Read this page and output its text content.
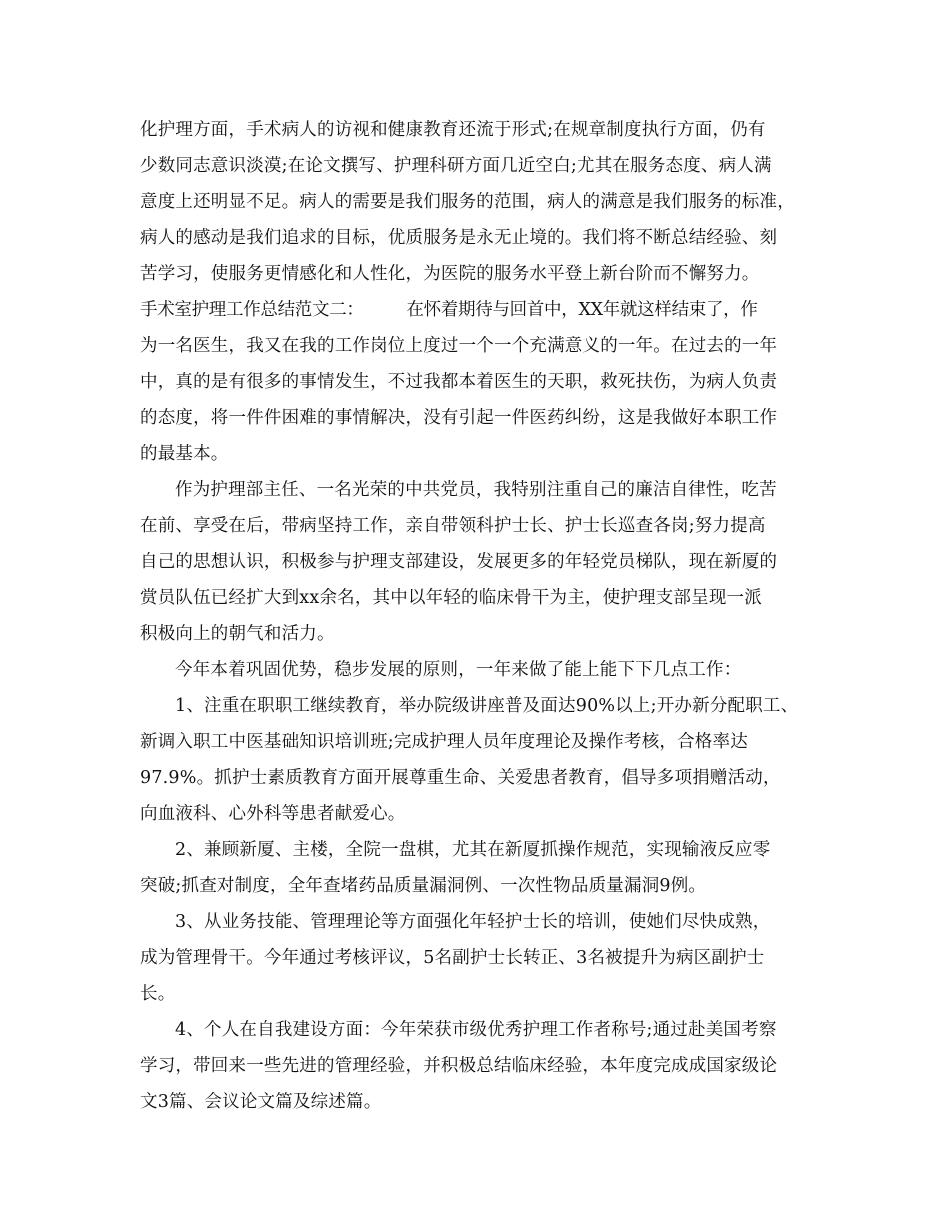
化护理方面，手术病人的访视和健康教育还流于形式;在规章制度执行方面，仍有
少数同志意识淡漠;在论文撰写、护理科研方面几近空白;尤其在服务态度、病人满
意度上还明显不足。病人的需要是我们服务的范围，病人的满意是我们服务的标准，
病人的感动是我们追求的目标，优质服务是永无止境的。我们将不断总结经验、刻
苦学习，使服务更情感化和人性化，为医院的服务水平登上新台阶而不懈努力。
手术室护理工作总结范文二：　　　在怀着期待与回首中，XX年就这样结束了，作
为一名医生，我又在我的工作岗位上度过一个一个充满意义的一年。在过去的一年
中，真的是有很多的事情发生，不过我都本着医生的天职，救死扶伤，为病人负责
的态度，将一件件困难的事情解决，没有引起一件医药纠纷，这是我做好本职工作
的最基本。
作为护理部主任、一名光荣的中共党员，我特别注重自己的廉洁自律性，吃苦
在前、享受在后，带病坚持工作，亲自带领科护士长、护士长巡查各岗;努力提高
自己的思想认识，积极参与护理支部建设，发展更多的年轻党员梯队，现在新厦的
赏员队伍已经扩大到xx余名，其中以年轻的临床骨干为主，使护理支部呈现一派
积极向上的朝气和活力。
今年本着巩固优势，稳步发展的原则，一年来做了能上能下下几点工作：
1、注重在职职工继续教育，举办院级讲座普及面达90%以上;开办新分配职工、
新调入职工中医基础知识培训班;完成护理人员年度理论及操作考核，合格率达
97.9%。抓护士素质教育方面开展尊重生命、关爱患者教育，倡导多项捐赠活动，
向血液科、心外科等患者献爱心。
2、兼顾新厦、主楼，全院一盘棋，尤其在新厦抓操作规范，实现输液反应零
突破;抓查对制度，全年查堵药品质量漏洞例、一次性物品质量漏洞9例。
3、从业务技能、管理理论等方面强化年轻护士长的培训，使她们尽快成熟，
成为管理骨干。今年通过考核评议，5名副护士长转正、3名被提升为病区副护士
长。
4、个人在自我建设方面：今年荣获市级优秀护理工作者称号;通过赴美国考察
学习，带回来一些先进的管理经验，并积极总结临床经验，本年度完成成国家级论
文3篇、会议论文篇及综述篇。
